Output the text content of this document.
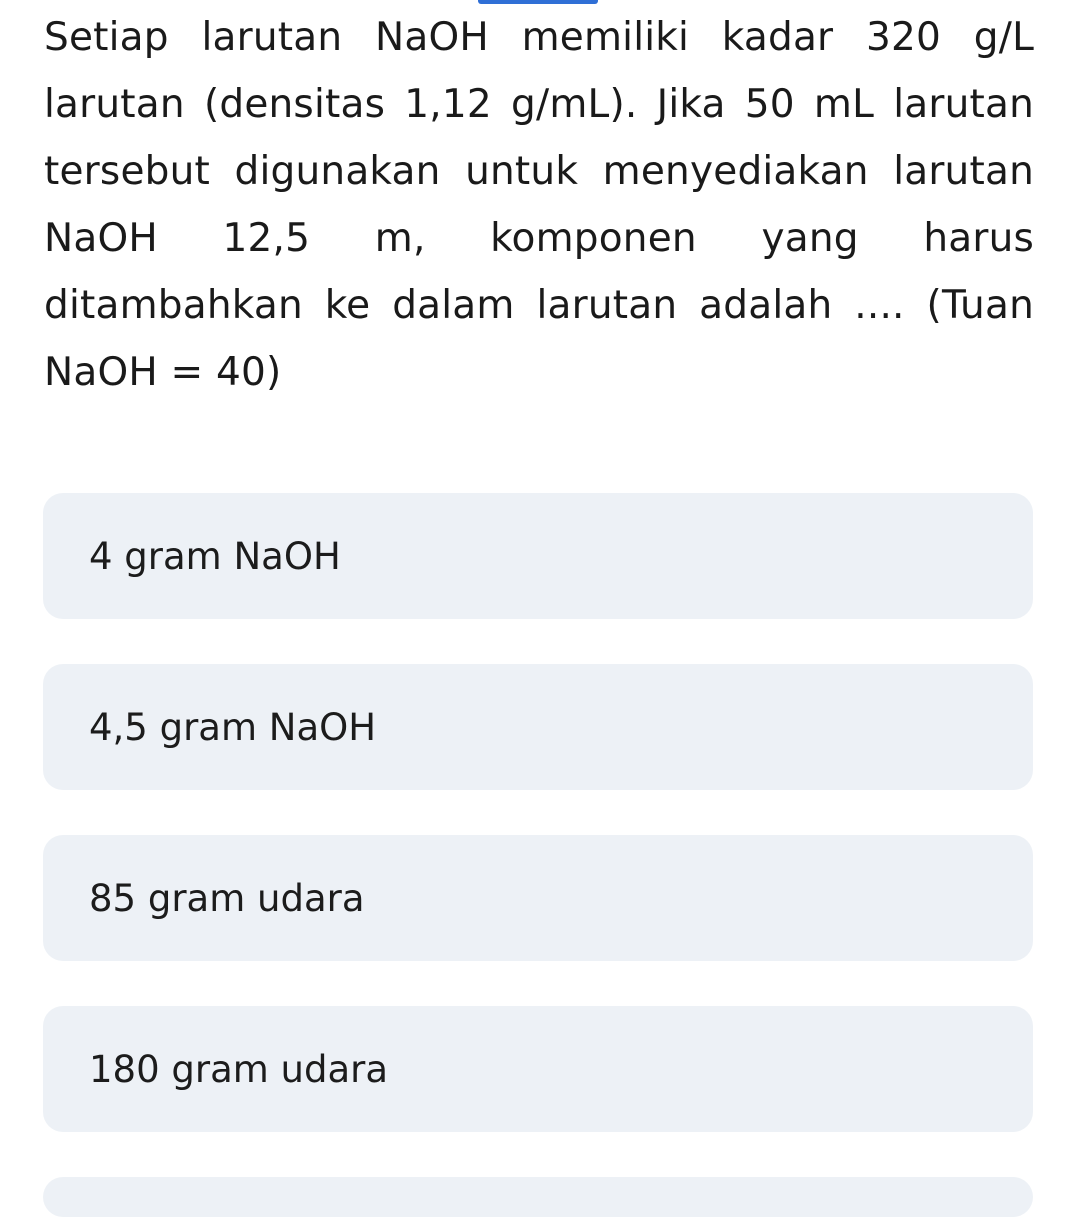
Setiap larutan NaOH memiliki kadar 320 g/L larutan (densitas 1,12 g/mL). Jika 50 mL larutan tersebut digunakan untuk menyediakan larutan NaOH 12,5 m, komponen yang harus ditambahkan ke dalam larutan adalah .... (Tuan NaOH = 40)

4 gram NaOH
4,5 gram NaOH
85 gram udara
180 gram udara
